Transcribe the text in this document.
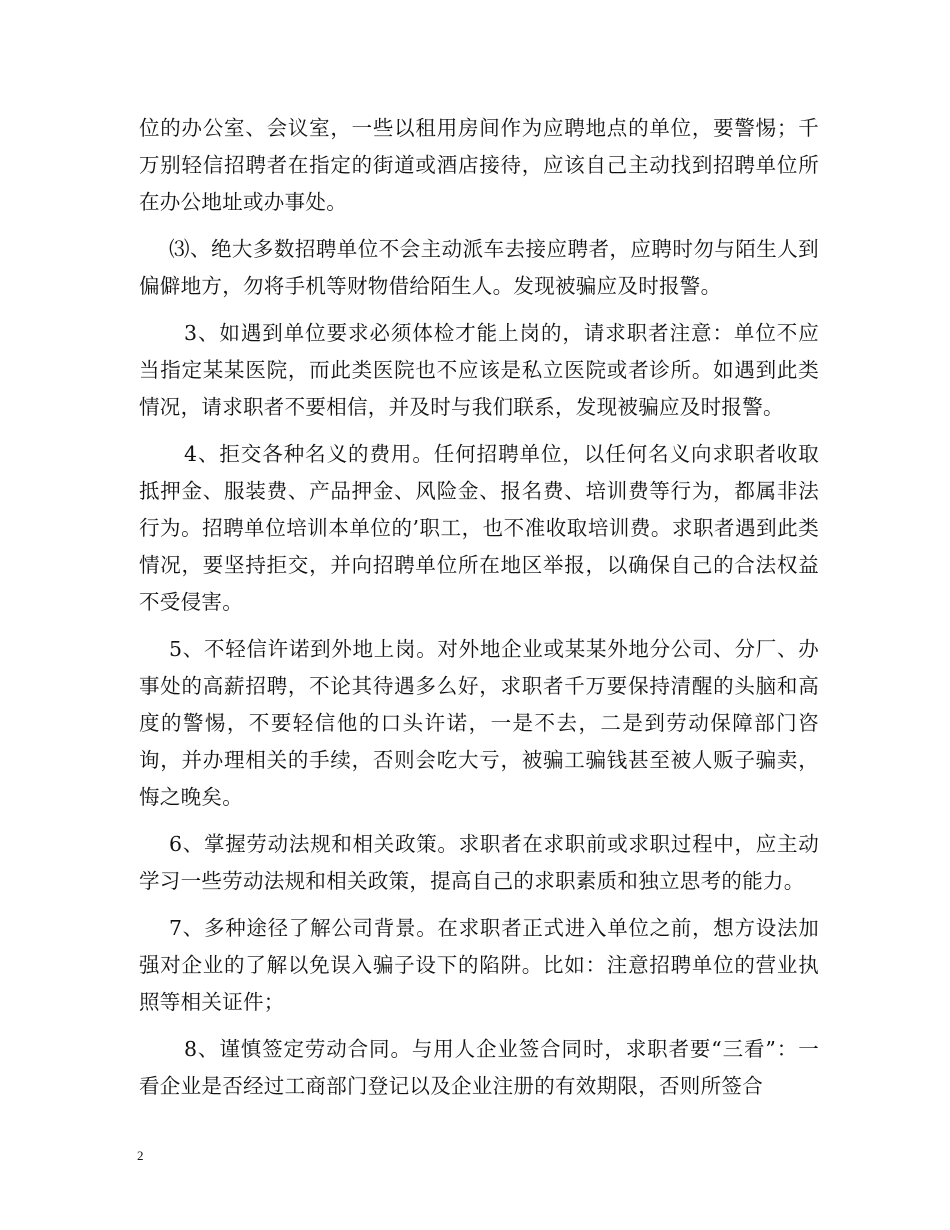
位的办公室、会议室，一些以租用房间作为应聘地点的单位，要警惕；千万别轻信招聘者在指定的街道或酒店接待，应该自己主动找到招聘单位所在办公地址或办事处。

⑶、绝大多数招聘单位不会主动派车去接应聘者，应聘时勿与陌生人到偏僻地方，勿将手机等财物借给陌生人。发现被骗应及时报警。

3、如遇到单位要求必须体检才能上岗的，请求职者注意：单位不应当指定某某医院，而此类医院也不应该是私立医院或者诊所。如遇到此类情况，请求职者不要相信，并及时与我们联系，发现被骗应及时报警。

4、拒交各种名义的费用。任何招聘单位，以任何名义向求职者收取抵押金、服装费、产品押金、风险金、报名费、培训费等行为，都属非法行为。招聘单位培训本单位的’职工，也不准收取培训费。求职者遇到此类情况，要坚持拒交，并向招聘单位所在地区举报，以确保自己的合法权益不受侵害。

5、不轻信许诺到外地上岗。对外地企业或某某外地分公司、分厂、办事处的高薪招聘，不论其待遇多么好，求职者千万要保持清醒的头脑和高度的警惕，不要轻信他的口头许诺，一是不去，二是到劳动保障部门咨询，并办理相关的手续，否则会吃大亏，被骗工骗钱甚至被人贩子骗卖，悔之晚矣。

6、掌握劳动法规和相关政策。求职者在求职前或求职过程中，应主动学习一些劳动法规和相关政策，提高自己的求职素质和独立思考的能力。

7、多种途径了解公司背景。在求职者正式进入单位之前，想方设法加强对企业的了解以免误入骗子设下的陷阱。比如：注意招聘单位的营业执照等相关证件；

8、谨慎签定劳动合同。与用人企业签合同时，求职者要“三看”：一看企业是否经过工商部门登记以及企业注册的有效期限，否则所签合

2
